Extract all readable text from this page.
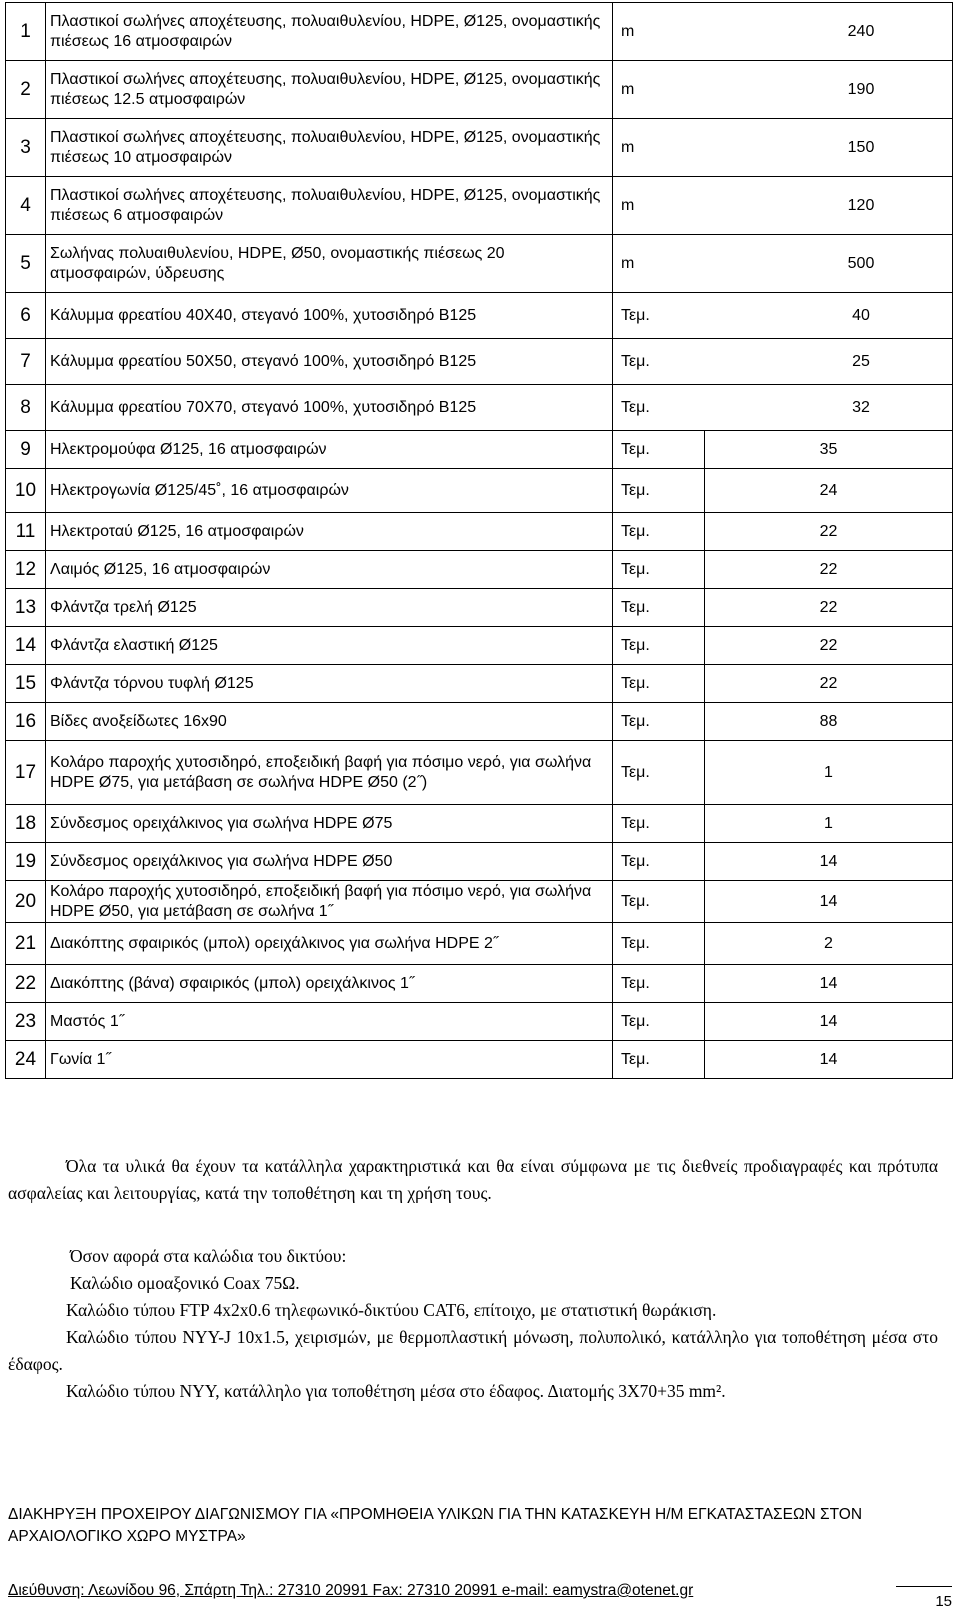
1	Πλαστικοί σωλήνες αποχέτευσης, πολυαιθυλενίου, HDPE, Ø125, ονομαστικής πιέσεως 16 ατμοσφαιρών	m 240	

2	Πλαστικοί σωλήνες αποχέτευσης, πολυαιθυλενίου, HDPE, Ø125, ονομαστικής πιέσεως 12.5 ατμοσφαιρών	m 190	

3	Πλαστικοί σωλήνες αποχέτευσης, πολυαιθυλενίου, HDPE, Ø125, ονομαστικής πιέσεως 10 ατμοσφαιρών	m 150	

4	Πλαστικοί σωλήνες αποχέτευσης, πολυαιθυλενίου, HDPE, Ø125, ονομαστικής πιέσεως 6 ατμοσφαιρών	m 120	

5	Σωλήνας πολυαιθυλενίου, HDPE, Ø50, ονομαστικής πιέσεως 20 ατμοσφαιρών, ύδρευσης	m 500	

6	Κάλυμμα φρεατίου 40Χ40, στεγανό 100%, χυτοσιδηρό B125	Τεμ. 40	

7	Κάλυμμα φρεατίου 50Χ50, στεγανό 100%, χυτοσιδηρό B125	Τεμ. 25	

8	Κάλυμμα φρεατίου 70Χ70, στεγανό 100%, χυτοσιδηρό B125	Τεμ. 32	

9	Ηλεκτρομούφα Ø125, 16 ατμοσφαιρών	Τεμ.	35
10	Ηλεκτρογωνία Ø125/45˚, 16 ατμοσφαιρών	Τεμ.	24
11	Ηλεκτροταύ Ø125, 16 ατμοσφαιρών	Τεμ.	22
12	Λαιμός Ø125, 16 ατμοσφαιρών	Τεμ.	22
13	Φλάντζα τρελή Ø125	Τεμ.	22
14	Φλάντζα ελαστική Ø125	Τεμ.	22
15	Φλάντζα τόρνου τυφλή Ø125	Τεμ.	22
16	Βίδες ανοξείδωτες 16x90	Τεμ.	88
17	Κολάρο παροχής χυτοσιδηρό, εποξειδική βαφή για πόσιμο νερό, για σωλήνα HDPE Ø75, για μετάβαση σε σωλήνα HDPE Ø50 (2˝)	Τεμ.	1
18	Σύνδεσμος ορειχάλκινος για σωλήνα HDPE Ø75	Τεμ.	1
19	Σύνδεσμος ορειχάλκινος για σωλήνα HDPE Ø50	Τεμ.	14
20	Κολάρο παροχής χυτοσιδηρό, εποξειδική βαφή για πόσιμο νερό, για σωλήνα HDPE Ø50, για μετάβαση σε σωλήνα 1˝	Τεμ.	14
21	Διακόπτης σφαιρικός (μπολ) ορειχάλκινος για σωλήνα HDPE 2˝	Τεμ.	2
22	Διακόπτης (βάνα) σφαιρικός (μπολ) ορειχάλκινος 1˝	Τεμ.	14
23	Μαστός 1˝	Τεμ.	14
24	Γωνία 1˝	Τεμ.	14

Όλα τα υλικά θα έχουν τα κατάλληλα χαρακτηριστικά και θα είναι σύμφωνα με τις διεθνείς προδιαγραφές και πρότυπα ασφαλείας και λειτουργίας, κατά την τοποθέτηση και τη χρήση τους.

Όσον αφορά στα καλώδια του δικτύου:

Καλώδιο ομοαξονικό Coax 75Ω.

Καλώδιο τύπου FTP 4x2x0.6 τηλεφωνικό-δικτύου CAT6, επίτοιχο, με στατιστική θωράκιση.

Καλώδιο τύπου NYY-J 10x1.5, χειρισμών, με θερμοπλαστική μόνωση, πολυπολικό, κατάλληλο για τοποθέτηση μέσα στο έδαφος.

Καλώδιο τύπου NYY, κατάλληλο για τοποθέτηση μέσα στο έδαφος. Διατομής 3Χ70+35 mm².

ΔΙΑΚΗΡΥΞΗ ΠΡΟΧΕΙΡΟΥ ΔΙΑΓΩΝΙΣΜΟΥ ΓΙΑ «ΠΡΟΜΗΘΕΙΑ ΥΛΙΚΩΝ ΓΙΑ ΤΗΝ ΚΑΤΑΣΚΕΥΗ Η/Μ ΕΓΚΑΤΑΣΤΑΣΕΩΝ ΣΤΟΝ ΑΡΧΑΙΟΛΟΓΙΚΟ ΧΩΡΟ ΜΥΣΤΡΑ»
Διεύθυνση: Λεωνίδου 96, Σπάρτη Τηλ.: 27310 20991 Fax: 27310 20991 e-mail: eamystra@otenet.gr
15
